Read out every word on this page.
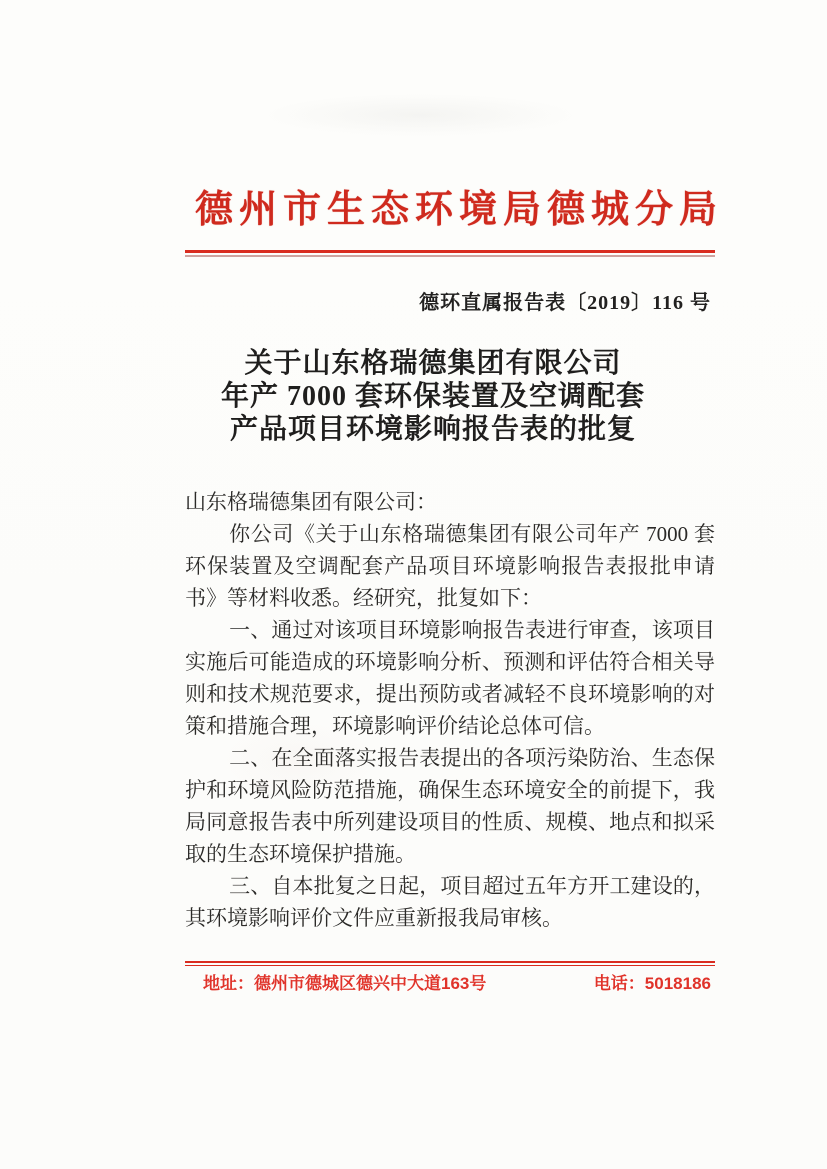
德州市生态环境局德城分局
德环直属报告表〔2019〕116 号
关于山东格瑞德集团有限公司
年产 7000 套环保装置及空调配套
产品项目环境影响报告表的批复

山东格瑞德集团有限公司：

你公司《关于山东格瑞德集团有限公司年产 7000 套环保装置及空调配套产品项目环境影响报告表报批申请书》等材料收悉。经研究，批复如下：

一、通过对该项目环境影响报告表进行审查，该项目实施后可能造成的环境影响分析、预测和评估符合相关导则和技术规范要求，提出预防或者减轻不良环境影响的对策和措施合理，环境影响评价结论总体可信。

二、在全面落实报告表提出的各项污染防治、生态保护和环境风险防范措施，确保生态环境安全的前提下，我局同意报告表中所列建设项目的性质、规模、地点和拟采取的生态环境保护措施。

三、自本批复之日起，项目超过五年方开工建设的，其环境影响评价文件应重新报我局审核。

地址：德州市德城区德兴中大道163号	电话：5018186
